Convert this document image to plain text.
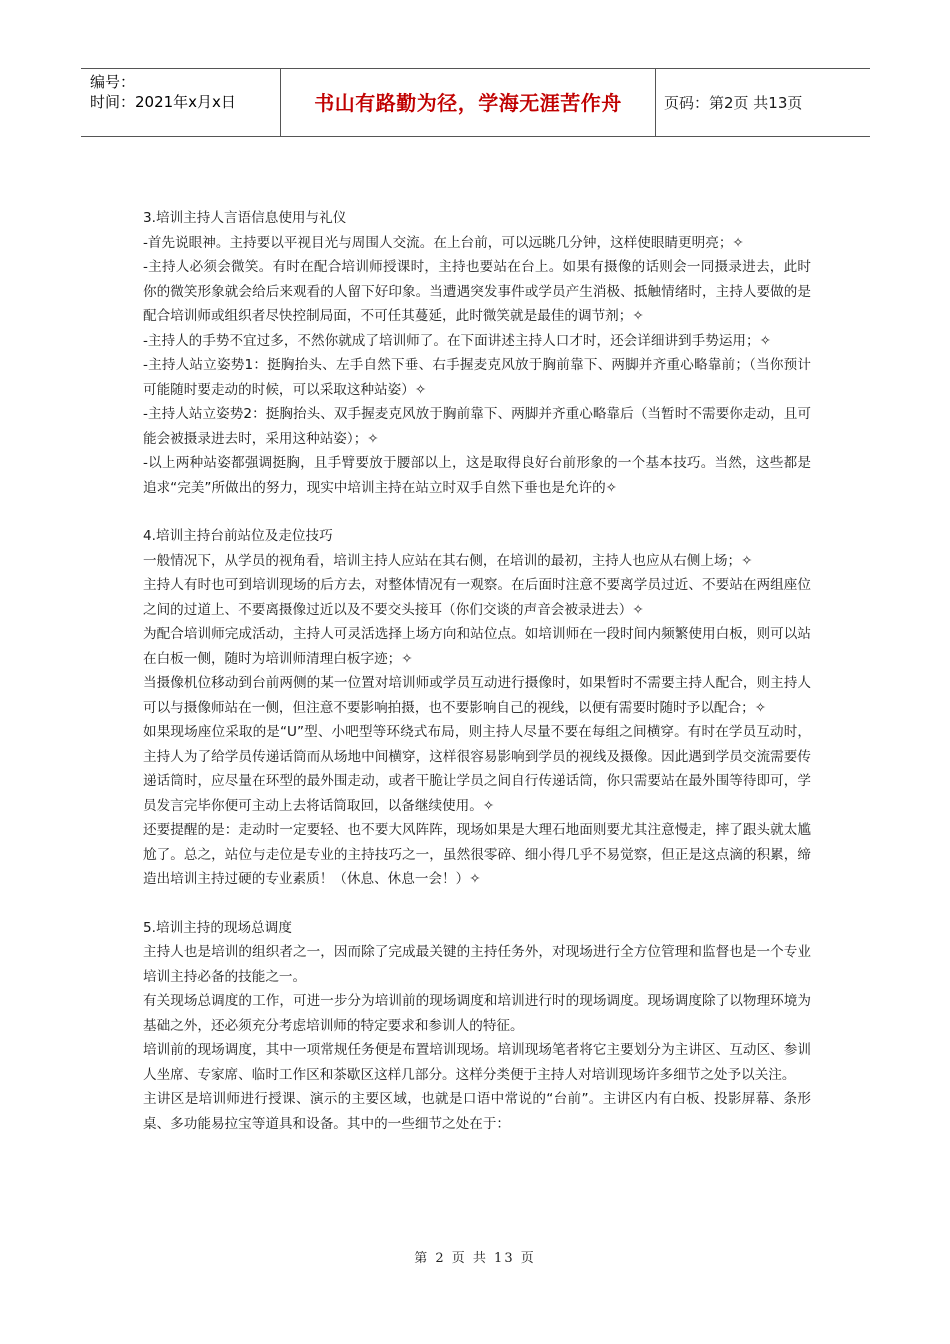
编号：
时间：2021年x月x日	书山有路勤为径，学海无涯苦作舟	页码：第2页 共13页

3.培训主持人言语信息使用与礼仪

-首先说眼神。主持要以平视目光与周围人交流。在上台前，可以远眺几分钟，这样使眼睛更明亮；✧

-主持人必须会微笑。有时在配合培训师授课时，主持也要站在台上。如果有摄像的话则会一同摄录进去，此时你的微笑形象就会给后来观看的人留下好印象。当遭遇突发事件或学员产生消极、抵触情绪时，主持人要做的是配合培训师或组织者尽快控制局面，不可任其蔓延，此时微笑就是最佳的调节剂；✧

-主持人的手势不宜过多，不然你就成了培训师了。在下面讲述主持人口才时，还会详细讲到手势运用；✧

-主持人站立姿势1：挺胸抬头、左手自然下垂、右手握麦克风放于胸前靠下、两脚并齐重心略靠前；（当你预计可能随时要走动的时候，可以采取这种站姿）✧

-主持人站立姿势2：挺胸抬头、双手握麦克风放于胸前靠下、两脚并齐重心略靠后（当暂时不需要你走动，且可能会被摄录进去时，采用这种站姿）；✧

-以上两种站姿都强调挺胸，且手臂要放于腰部以上，这是取得良好台前形象的一个基本技巧。当然，这些都是追求“完美”所做出的努力，现实中培训主持在站立时双手自然下垂也是允许的✧

4.培训主持台前站位及走位技巧

一般情况下，从学员的视角看，培训主持人应站在其右侧，在培训的最初，主持人也应从右侧上场；✧

主持人有时也可到培训现场的后方去，对整体情况有一观察。在后面时注意不要离学员过近、不要站在两组座位之间的过道上、不要离摄像过近以及不要交头接耳（你们交谈的声音会被录进去）✧

为配合培训师完成活动，主持人可灵活选择上场方向和站位点。如培训师在一段时间内频繁使用白板，则可以站在白板一侧，随时为培训师清理白板字迹；✧

当摄像机位移动到台前两侧的某一位置对培训师或学员互动进行摄像时，如果暂时不需要主持人配合，则主持人可以与摄像师站在一侧，但注意不要影响拍摄，也不要影响自己的视线，以便有需要时随时予以配合；✧

如果现场座位采取的是“U”型、小吧型等环绕式布局，则主持人尽量不要在每组之间横穿。有时在学员互动时，主持人为了给学员传递话筒而从场地中间横穿，这样很容易影响到学员的视线及摄像。因此遇到学员交流需要传递话筒时，应尽量在环型的最外围走动，或者干脆让学员之间自行传递话筒，你只需要站在最外围等待即可，学员发言完毕你便可主动上去将话筒取回，以备继续使用。✧

还要提醒的是：走动时一定要轻、也不要大风阵阵，现场如果是大理石地面则要尤其注意慢走，摔了跟头就太尴尬了。总之，站位与走位是专业的主持技巧之一，虽然很零碎、细小得几乎不易觉察，但正是这点滴的积累，缔造出培训主持过硬的专业素质！（休息、休息一会！）✧

5.培训主持的现场总调度

主持人也是培训的组织者之一，因而除了完成最关键的主持任务外，对现场进行全方位管理和监督也是一个专业培训主持必备的技能之一。

有关现场总调度的工作，可进一步分为培训前的现场调度和培训进行时的现场调度。现场调度除了以物理环境为基础之外，还必须充分考虑培训师的特定要求和参训人的特征。

培训前的现场调度，其中一项常规任务便是布置培训现场。培训现场笔者将它主要划分为主讲区、互动区、参训人坐席、专家席、临时工作区和茶歇区这样几部分。这样分类便于主持人对培训现场许多细节之处予以关注。

主讲区是培训师进行授课、演示的主要区域，也就是口语中常说的“台前”。主讲区内有白板、投影屏幕、条形桌、多功能易拉宝等道具和设备。其中的一些细节之处在于：

第 2 页 共 13 页
